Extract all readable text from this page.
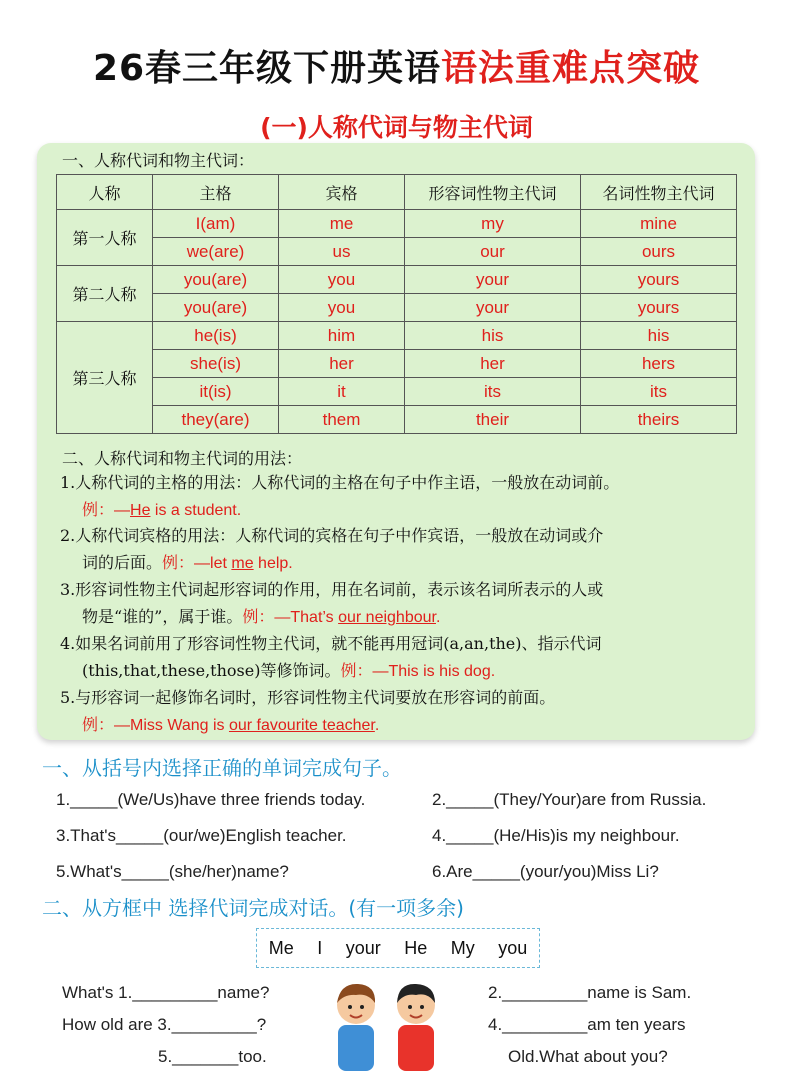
26春三年级下册英语语法重难点突破
(一)人称代词与物主代词
一、人称代词和物主代词：
人称	主格	宾格	形容词性物主代词	名词性物主代词
第一人称	I(am)	me	my	mine
	we(are)	us	our	ours
第二人称	you(are)	you	your	yours
	you(are)	you	your	yours
第三人称	he(is)	him	his	his
	she(is)	her	her	hers
	it(is)	it	its	its
	they(are)	them	their	theirs
二、人称代词和物主代词的用法：
1.人称代词的主格的用法：人称代词的主格在句子中作主语，一般放在动词前。
例：—He is a student.
2.人称代词宾格的用法：人称代词的宾格在句子中作宾语，一般放在动词或介
词的后面。例：—let me help.
3.形容词性物主代词起形容词的作用，用在名词前，表示该名词所表示的人或
物是“谁的”，属于谁。例：—That’s our neighbour.
4.如果名词前用了形容词性物主代词，就不能再用冠词(a,an,the)、指示代词
(this,that,these,those)等修饰词。例：—This is his dog.
5.与形容词一起修饰名词时，形容词性物主代词要放在形容词的前面。
例：—Miss Wang is our favourite teacher.
一、从括号内选择正确的单词完成句子。
1._____(We/Us)have three friends today.	2._____(They/Your)are from Russia.
3.That's_____(our/we)English teacher.	4._____(He/His)is my neighbour.
5.What's_____(she/her)name?	6.Are_____(your/you)Miss Li?
二、从方框中 选择代词完成对话。(有一项多余)
Me I your He My you
What's 1._________name?	2._________name is Sam.
How old are 3._________?	4._________am ten years
5._______too.	Old.What about you?
